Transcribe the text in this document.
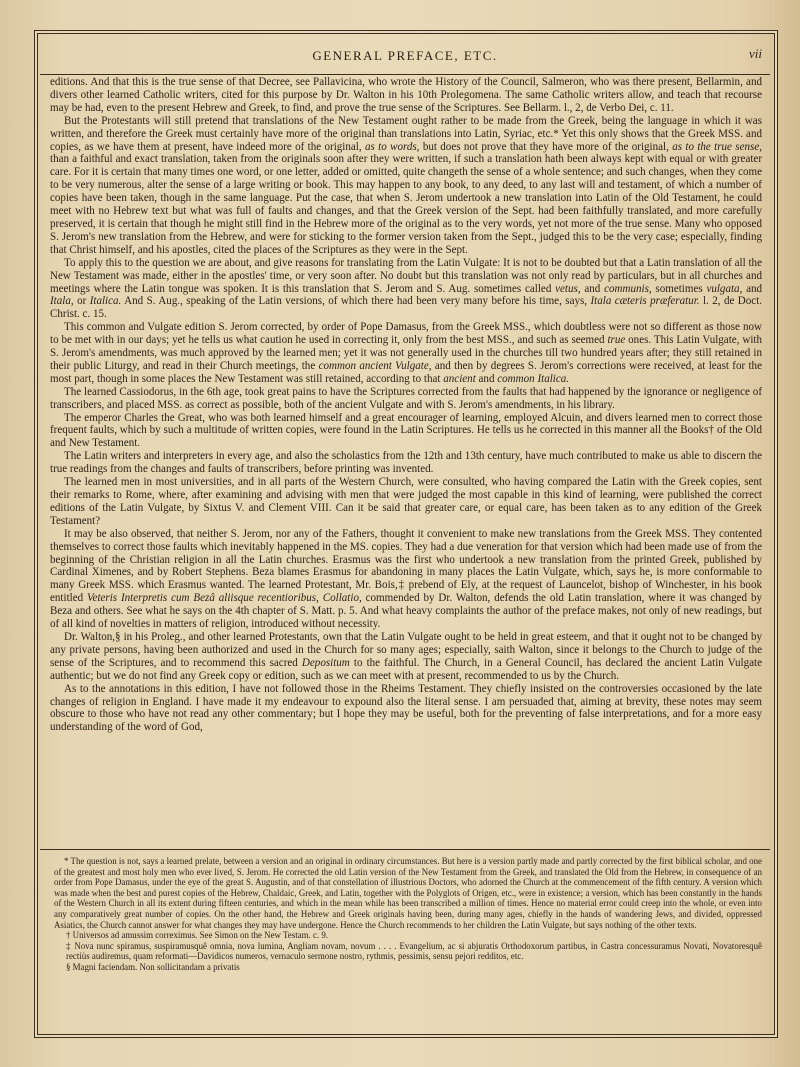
GENERAL PREFACE, ETC.	vii

editions. And that this is the true sense of that Decree, see Pallavicina, who wrote the History of the Council, Salmeron, who was there present, Bellarmin, and divers other learned Catholic writers, cited for this purpose by Dr. Walton in his 10th Prolegomena. The same Catholic writers allow, and teach that recourse may be had, even to the present Hebrew and Greek, to find, and prove the true sense of the Scriptures. See Bellarm. l., 2, de Verbo Dei, c. 11.

But the Protestants will still pretend that translations of the New Testament ought rather to be made from the Greek, being the language in which it was written, and therefore the Greek must certainly have more of the original than translations into Latin, Syriac, etc.* Yet this only shows that the Greek MSS. and copies, as we have them at present, have indeed more of the original, as to words, but does not prove that they have more of the original, as to the true sense, than a faithful and exact translation, taken from the originals soon after they were written, if such a translation hath been always kept with equal or with greater care. For it is certain that many times one word, or one letter, added or omitted, quite changeth the sense of a whole sentence; and such changes, when they come to be very numerous, alter the sense of a large writing or book. This may happen to any book, to any deed, to any last will and testament, of which a number of copies have been taken, though in the same language. Put the case, that when S. Jerom undertook a new translation into Latin of the Old Testament, he could meet with no Hebrew text but what was full of faults and changes, and that the Greek version of the Sept. had been faithfully translated, and more carefully preserved, it is certain that though he might still find in the Hebrew more of the original as to the very words, yet not more of the true sense. Many who opposed S. Jerom's new translation from the Hebrew, and were for sticking to the former version taken from the Sept., judged this to be the very case; especially, finding that Christ himself, and his apostles, cited the places of the Scriptures as they were in the Sept.

To apply this to the question we are about, and give reasons for translating from the Latin Vulgate: It is not to be doubted but that a Latin translation of all the New Testament was made, either in the apostles' time, or very soon after. No doubt but this translation was not only read by particulars, but in all churches and meetings where the Latin tongue was spoken. It is this translation that S. Jerom and S. Aug. sometimes called vetus, and communis, sometimes vulgata, and Itala, or Italica. And S. Aug., speaking of the Latin versions, of which there had been very many before his time, says, Itala cæteris præferatur. l. 2, de Doct. Christ. c. 15.

This common and Vulgate edition S. Jerom corrected, by order of Pope Damasus, from the Greek MSS., which doubtless were not so different as those now to be met with in our days; yet he tells us what caution he used in correcting it, only from the best MSS., and such as seemed true ones. This Latin Vulgate, with S. Jerom's amendments, was much approved by the learned men; yet it was not generally used in the churches till two hundred years after; they still retained in their public Liturgy, and read in their Church meetings, the common ancient Vulgate, and then by degrees S. Jerom's corrections were received, at least for the most part, though in some places the New Testament was still retained, according to that ancient and common Italica.

The learned Cassiodorus, in the 6th age, took great pains to have the Scriptures corrected from the faults that had happened by the ignorance or negligence of transcribers, and placed MSS. as correct as possible, both of the ancient Vulgate and with S. Jerom's amendments, in his library.

The emperor Charles the Great, who was both learned himself and a great encourager of learning, employed Alcuin, and divers learned men to correct those frequent faults, which by such a multitude of written copies, were found in the Latin Scriptures. He tells us he corrected in this manner all the Books† of the Old and New Testament.

The Latin writers and interpreters in every age, and also the scholastics from the 12th and 13th century, have much contributed to make us able to discern the true readings from the changes and faults of transcribers, before printing was invented.

The learned men in most universities, and in all parts of the Western Church, were consulted, who having compared the Latin with the Greek copies, sent their remarks to Rome, where, after examining and advising with men that were judged the most capable in this kind of learning, were published the correct editions of the Latin Vulgate, by Sixtus V. and Clement VIII. Can it be said that greater care, or equal care, has been taken as to any edition of the Greek Testament?

It may be also observed, that neither S. Jerom, nor any of the Fathers, thought it convenient to make new translations from the Greek MSS. They contented themselves to correct those faults which inevitably happened in the MS. copies. They had a due veneration for that version which had been made use of from the beginning of the Christian religion in all the Latin churches. Erasmus was the first who undertook a new translation from the printed Greek, published by Cardinal Ximenes, and by Robert Stephens. Beza blames Erasmus for abandoning in many places the Latin Vulgate, which, says he, is more conformable to many Greek MSS. which Erasmus wanted. The learned Protestant, Mr. Bois,‡ prebend of Ely, at the request of Launcelot, bishop of Winchester, in his book entitled Veteris Interpretis cum Bezâ aliisque recentioribus, Collatio, commended by Dr. Walton, defends the old Latin translation, where it was changed by Beza and others. See what he says on the 4th chapter of S. Matt. p. 5. And what heavy complaints the author of the preface makes, not only of new readings, but of all kind of novelties in matters of religion, introduced without necessity.

Dr. Walton,§ in his Proleg., and other learned Protestants, own that the Latin Vulgate ought to be held in great esteem, and that it ought not to be changed by any private persons, having been authorized and used in the Church for so many ages; especially, saith Walton, since it belongs to the Church to judge of the sense of the Scriptures, and to recommend this sacred Depositum to the faithful. The Church, in a General Council, has declared the ancient Latin Vulgate authentic; but we do not find any Greek copy or edition, such as we can meet with at present, recommended to us by the Church.

As to the annotations in this edition, I have not followed those in the Rheims Testament. They chiefly insisted on the controversies occasioned by the late changes of religion in England. I have made it my endeavour to expound also the literal sense. I am persuaded that, aiming at brevity, these notes may seem obscure to those who have not read any other commentary; but I hope they may be useful, both for the preventing of false interpretations, and for a more easy understanding of the word of God,

* The question is not, says a learned prelate, between a version and an original in ordinary circumstances. But here is a version partly made and partly corrected by the first biblical scholar, and one of the greatest and most holy men who ever lived, S. Jerom. He corrected the old Latin version of the New Testament from the Greek, and translated the Old from the Hebrew, in consequence of an order from Pope Damasus, under the eye of the great S. Augustin, and of that constellation of illustrious Doctors, who adorned the Church at the commencement of the fifth century. A version which was made when the best and purest copies of the Hebrew, Chaldaic, Greek, and Latin, together with the Polyglots of Origen, etc., were in existence; a version, which has been constantly in the hands of the Western Church in all its extent during fifteen centuries, and which in the mean while has been transcribed a million of times. Hence no material error could creep into the whole, or even into any comparatively great number of copies. On the other hand, the Hebrew and Greek originals having been, during many ages, chiefly in the hands of wandering Jews, and divided, oppressed Asiatics, the Church cannot answer for what changes they may have undergone. Hence the Church recommends to her children the Latin Vulgate, but says nothing of the other texts.

† Universos ad amussim correximus. See Simon on the New Testam. c. 9.

‡ Nova nunc spiramus, suspiramusquê omnia, nova lumina, Angliam novam, novum . . . . Evangelium, ac si abjuratis Orthodoxorum partibus, in Castra concessuramus Novati, Novatoresquê rectiùs audiremus, quam reformati—Davidicos numeros, vernaculo sermone nostro, rythmis, pessimis, sensu pejori redditos, etc.

§ Magni faciendam. Non sollicitandam a privatis
